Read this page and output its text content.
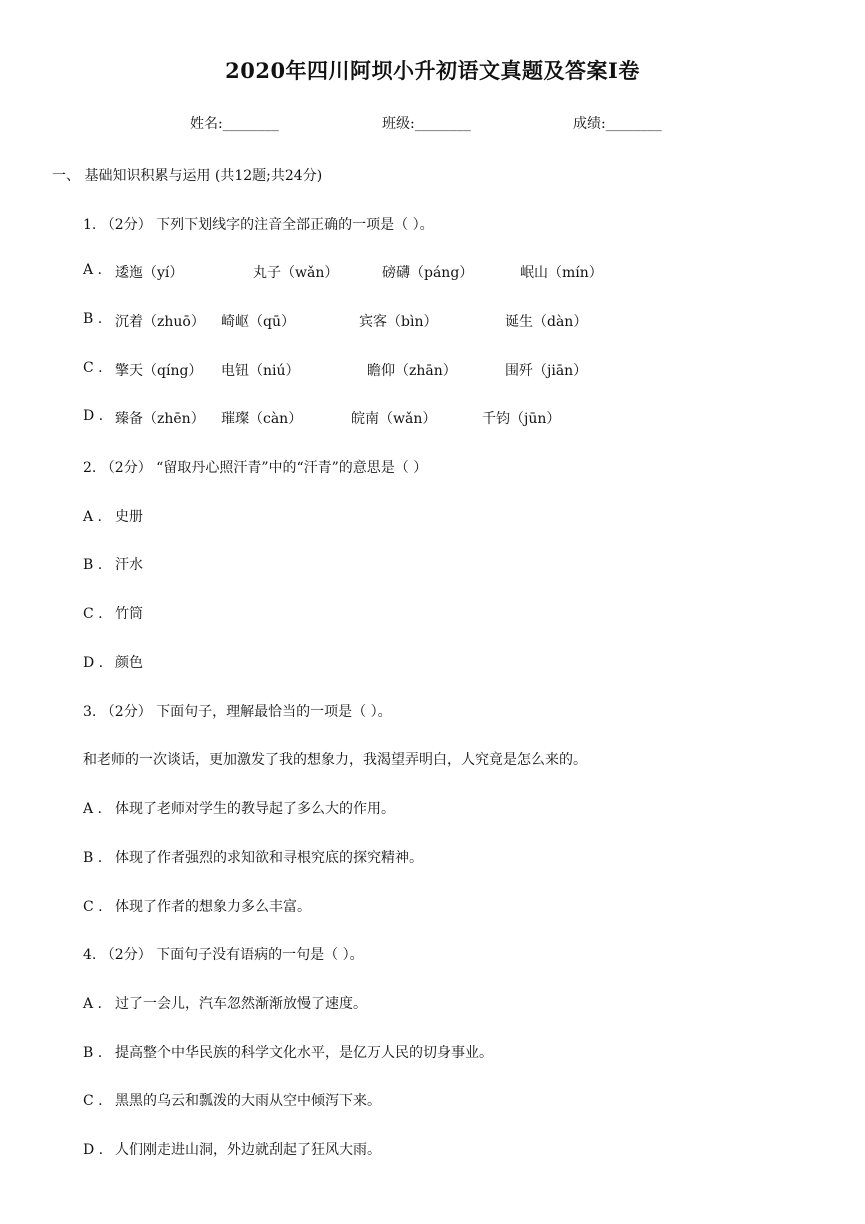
2020年四川阿坝小升初语文真题及答案I卷
姓名:________	班级:________	成绩:________
一、 基础知识积累与运用 (共12题;共24分)
1. （2分） 下列下划线字的注音全部正确的一项是（ ）。
A . 逶迤（yí）	丸子（wǎn）	磅礴（páng）	岷山（mín）
B . 沉着（zhuō） 崎岖（qū）	宾客（bìn）	诞生（dàn）
C . 擎天（qíng） 电钮（niú）	瞻仰（zhān）	围歼（jiān）
D . 臻备（zhēn） 璀璨（càn）	皖南（wǎn）	千钧（jūn）
2. （2分） “留取丹心照汗青”中的“汗青”的意思是（ ）
A . 史册
B . 汗水
C . 竹筒
D . 颜色
3. （2分） 下面句子，理解最恰当的一项是（ ）。
和老师的一次谈话，更加激发了我的想象力，我渴望弄明白，人究竟是怎么来的。
A . 体现了老师对学生的教导起了多么大的作用。
B . 体现了作者强烈的求知欲和寻根究底的探究精神。
C . 体现了作者的想象力多么丰富。
4. （2分） 下面句子没有语病的一句是（ ）。
A . 过了一会儿，汽车忽然渐渐放慢了速度。
B . 提高整个中华民族的科学文化水平，是亿万人民的切身事业。
C . 黑黑的乌云和瓢泼的大雨从空中倾泻下来。
D . 人们刚走进山洞，外边就刮起了狂风大雨。
